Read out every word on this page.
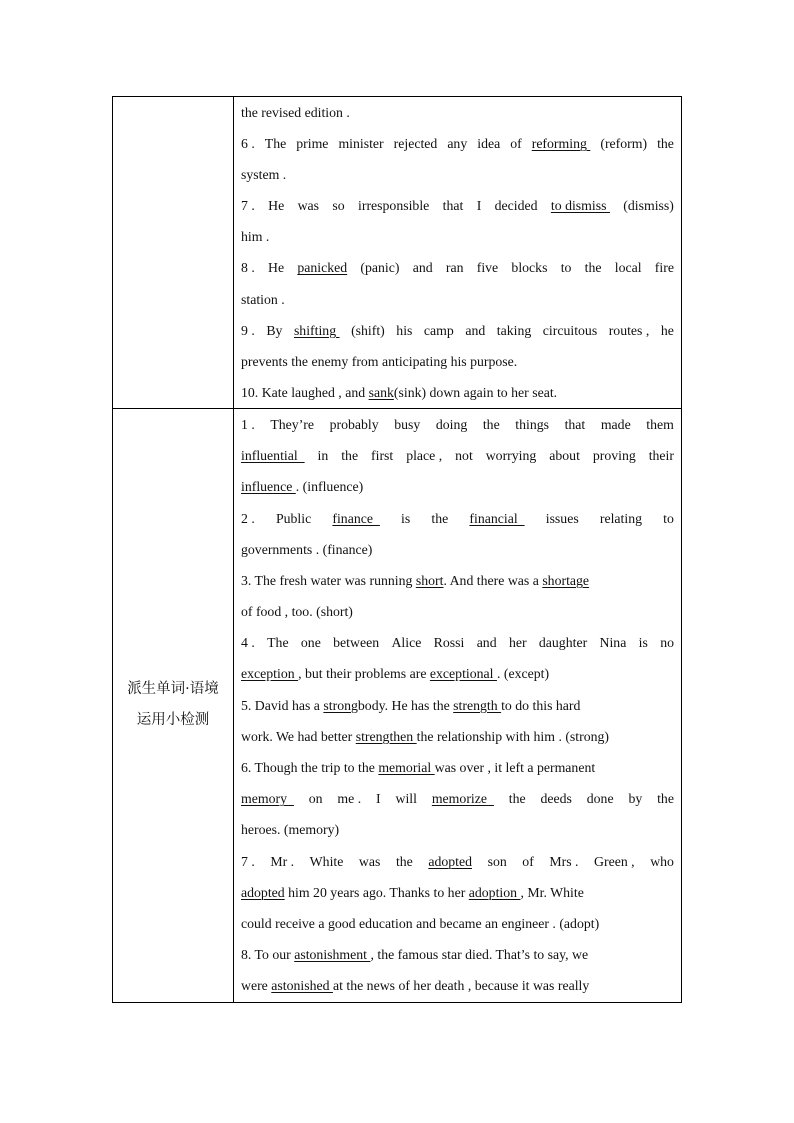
the revised edition .
6 . The prime minister rejected any idea of reforming (reform) the
system .
7 . He was so irresponsible that I decided to dismiss (dismiss)
him .
8 . He panicked (panic) and ran five blocks to the local fire
station .
9 . By shifting (shift) his camp and taking circuitous routes , he
prevents the enemy from anticipating his purpose.
10. Kate laughed , and sank(sink) down again to her seat.
派生单词·语境运用小检测
1 . They’re probably busy doing the things that made them
influential in the first place , not worrying about proving their
influence . (influence)
2 . Public finance is the financial issues relating to
governments . (finance)
3. The fresh water was running short. And there was a shortage
of food , too. (short)
4 . The one between Alice Rossi and her daughter Nina is no
exception , but their problems are exceptional . (except)
5. David has a strongbody. He has the strength to do this hard
work. We had better strengthen the relationship with him . (strong)
6. Though the trip to the memorial was over , it left a permanent
memory on me . I will memorize the deeds done by the
heroes. (memory)
7 . Mr . White was the adopted son of Mrs . Green , who
adopted him 20 years ago. Thanks to her adoption , Mr. White
could receive a good education and became an engineer . (adopt)
8. To our astonishment , the famous star died. That’s to say, we
were astonished at the news of her death , because it was really
